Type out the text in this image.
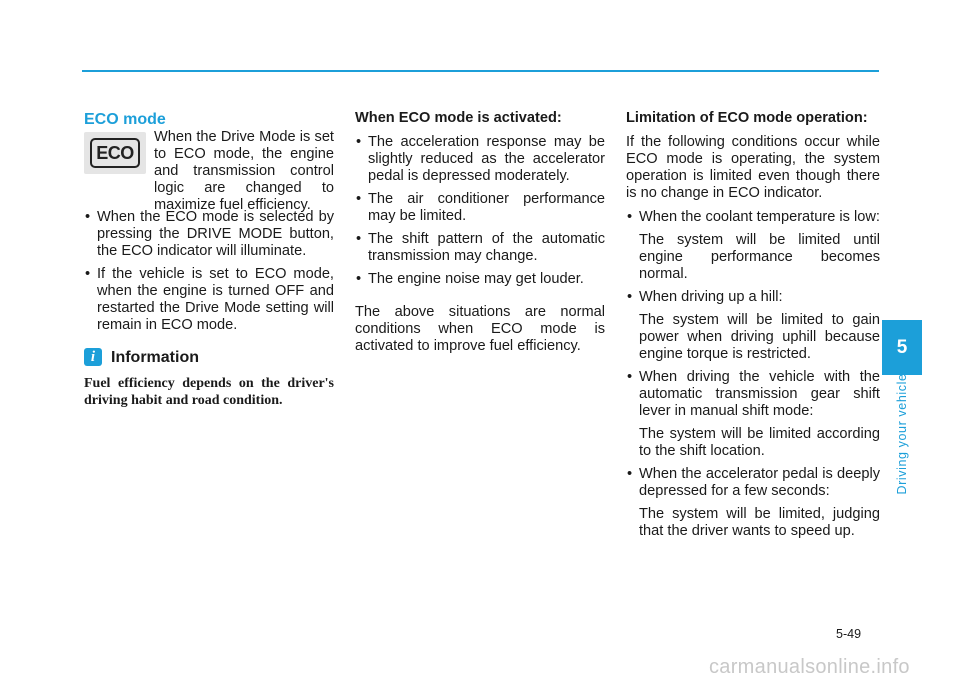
ECO mode

ECO

When the Drive Mode is set to ECO mode, the engine and transmission control logic are changed to maximize fuel efficiency.

• When the ECO mode is selected by pressing the DRIVE MODE button, the ECO indicator will illuminate.
• If the vehicle is set to ECO mode, when the engine is turned OFF and restarted the Drive Mode setting will remain in ECO mode.
i Information

Fuel efficiency depends on the driver's driving habit and road condition.

When ECO mode is activated:

• The acceleration response may be slightly reduced as the accelerator pedal is depressed moderately.
• The air conditioner performance may be limited.
• The shift pattern of the automatic transmission may change.
• The engine noise may get louder.

The above situations are normal conditions when ECO mode is activated to improve fuel efficiency.

Limitation of ECO mode operation:

If the following conditions occur while ECO mode is operating, the system operation is limited even though there is no change in ECO indicator.

• When the coolant temperature is low:

The system will be limited until engine performance becomes normal.

• When driving up a hill:

The system will be limited to gain power when driving uphill because engine torque is restricted.

• When driving the vehicle with the automatic transmission gear shift lever in manual shift mode:

The system will be limited according to the shift location.

• When the accelerator pedal is deeply depressed for a few seconds:

The system will be limited, judging that the driver wants to speed up.

5
Driving your vehicle
5-49
carmanualsonline.info
